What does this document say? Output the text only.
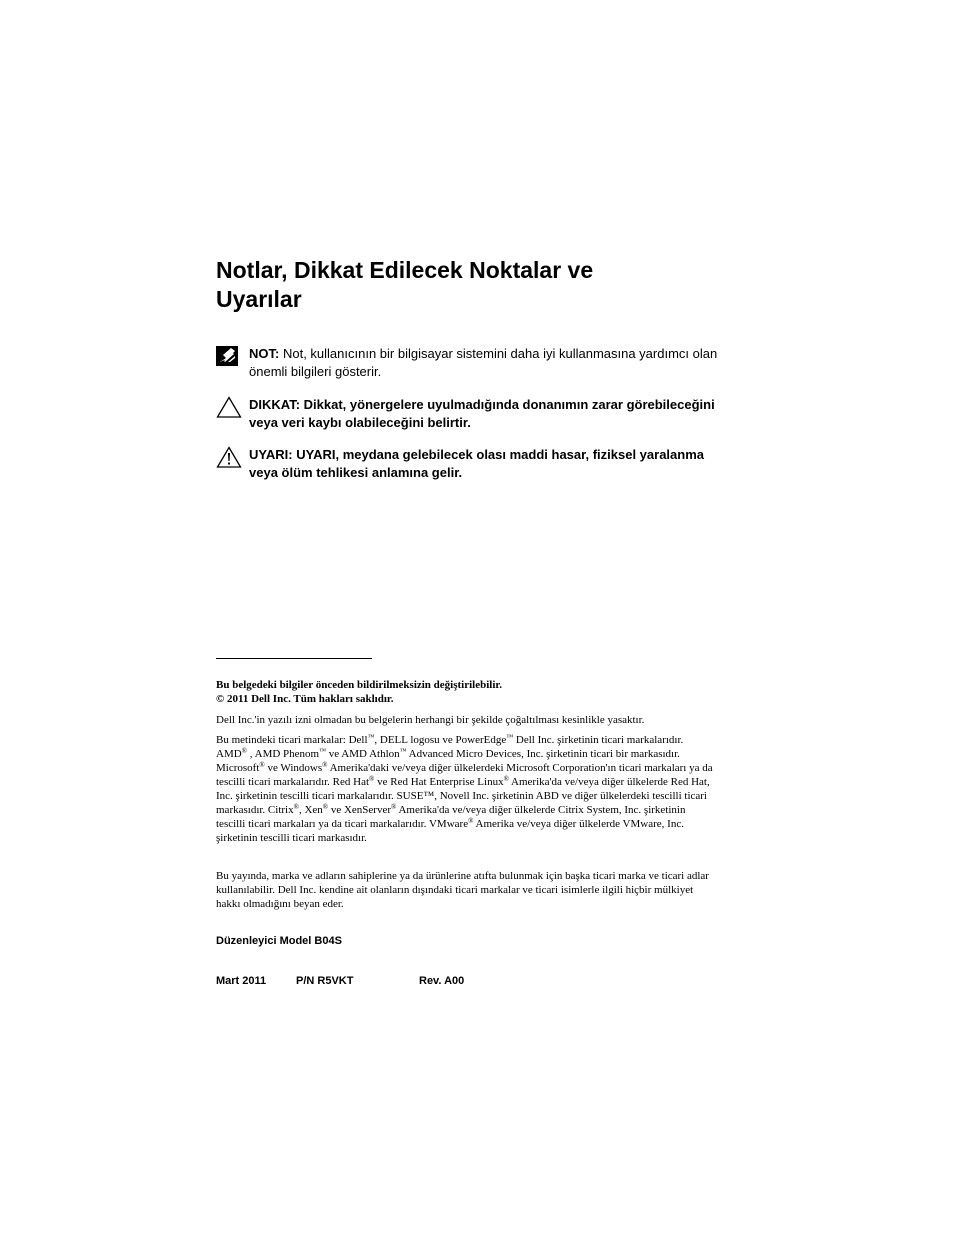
Notlar, Dikkat Edilecek Noktalar ve
Uyarılar
NOT: Not, kullanıcının bir bilgisayar sistemini daha iyi kullanmasına yardımcı olan önemli bilgileri gösterir.
DIKKAT: Dikkat, yönergelere uyulmadığında donanımın zarar görebileceğini veya veri kaybı olabileceğini belirtir.
UYARI: UYARI, meydana gelebilecek olası maddi hasar, fiziksel yaralanma veya ölüm tehlikesi anlamına gelir.

Bu belgedeki bilgiler önceden bildirilmeksizin değiştirilebilir.

© 2011 Dell Inc. Tüm hakları saklıdır.

Dell Inc.'in yazılı izni olmadan bu belgelerin herhangi bir şekilde çoğaltılması kesinlikle yasaktır.

Bu metindeki ticari markalar: Dell™, DELL logosu ve PowerEdge™ Dell Inc. şirketinin ticari markalarıdır. AMD® , AMD Phenom™ ve AMD Athlon™ Advanced Micro Devices, Inc. şirketinin ticari bir markasıdır. Microsoft® ve Windows® Amerika'daki ve/veya diğer ülkelerdeki Microsoft Corporation'ın ticari markaları ya da tescilli ticari markalarıdır. Red Hat® ve Red Hat Enterprise Linux® Amerika'da ve/veya diğer ülkelerde Red Hat, Inc. şirketinin tescilli ticari markalarıdır. SUSE™, Novell Inc. şirketinin ABD ve diğer ülkelerdeki tescilli ticari markasıdır. Citrix®, Xen® ve XenServer® Amerika'da ve/veya diğer ülkelerde Citrix System, Inc. şirketinin tescilli ticari markaları ya da ticari markalarıdır. VMware® Amerika ve/veya diğer ülkelerde VMware, Inc. şirketinin tescilli ticari markasıdır.

Bu yayında, marka ve adların sahiplerine ya da ürünlerine atıfta bulunmak için başka ticari marka ve ticari adlar kullanılabilir. Dell Inc. kendine ait olanların dışındaki ticari markalar ve ticari isimlerle ilgili hiçbir mülkiyet hakkı olmadığını beyan eder.

Düzenleyici Model B04S
Mart 2011	P/N R5VKT	Rev. A00
